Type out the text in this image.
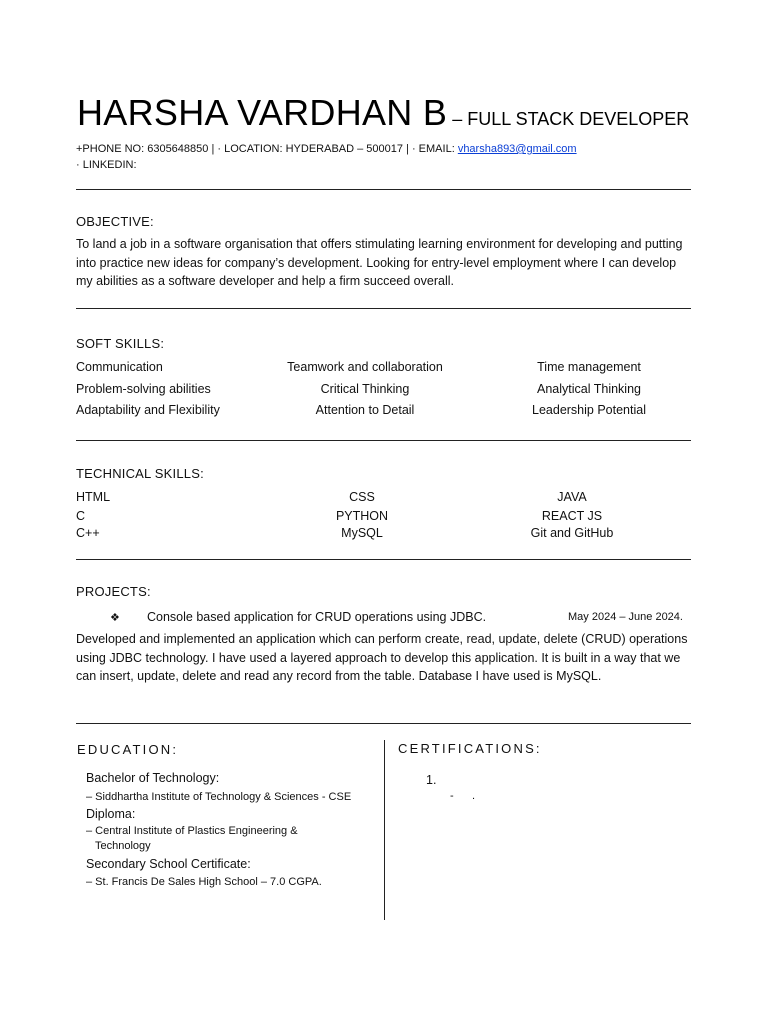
HARSHA VARDHAN B – FULL STACK DEVELOPER
+PHONE NO: 6305648850 | · LOCATION: HYDERABAD – 500017 | · EMAIL: vharsha893@gmail.com
· LINKEDIN:
OBJECTIVE:
To land a job in a software organisation that offers stimulating learning environment for developing and putting into practice new ideas for company’s development. Looking for entry-level employment where I can develop my abilities as a software developer and help a firm succeed overall.
SOFT SKILLS:
Communication	Teamwork and collaboration	Time management
Problem-solving abilities	Critical Thinking	Analytical Thinking
Adaptability and Flexibility	Attention to Detail	Leadership Potential
TECHNICAL SKILLS:
HTML	CSS	JAVA
C	PYTHON	REACT JS
C++	MySQL	Git and GitHub
PROJECTS:
❖ Console based application for CRUD operations using JDBC.	May 2024 – June 2024.
Developed and implemented an application which can perform create, read, update, delete (CRUD) operations using JDBC technology. I have used a layered approach to develop this application. It is built in a way that we can insert, update, delete and read any record from the table. Database I have used is MySQL.
EDUCATION:
Bachelor of Technology:
– Siddhartha Institute of Technology & Sciences - CSE
Diploma:
– Central Institute of Plastics Engineering &
Technology
Secondary School Certificate:
– St. Francis De Sales High School – 7.0 CGPA.
CERTIFICATIONS:
1.
- .
